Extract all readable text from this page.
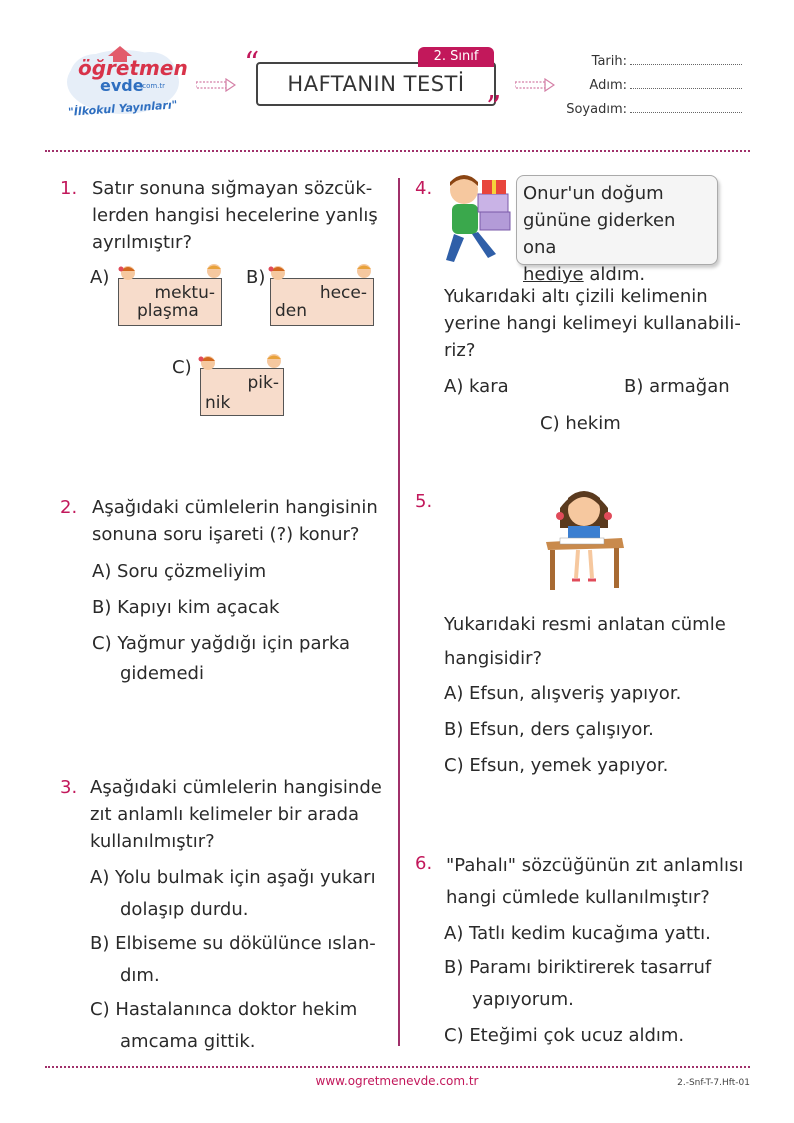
öğretmen
evde
.com.tr
"İlkokul Yayınları"
“	2. Sınıf
HAFTANIN TESTİ
”
Tarih:
Adım:
Soyadım:
1. Satır sonuna sığmayan sözcük-
lerden hangisi hecelerine yanlış
ayrılmıştır?
A)
mektu-
plaşma
B)
hece-
den
C)
pik-
nik
2. Aşağıdaki cümlelerin hangisinin
sonuna soru işareti (?) konur?
A) Soru çözmeliyim
B) Kapıyı kim açacak
C) Yağmur yağdığı için parka
gidemedi
3. Aşağıdaki cümlelerin hangisinde
zıt anlamlı kelimeler bir arada
kullanılmıştır?
A) Yolu bulmak için aşağı yukarı
dolaşıp durdu.
B) Elbiseme su dökülünce ıslan-
dım.
C) Hastalanınca doktor hekim
amcama gittik.
4.	Onur'un doğum
gününe giderken ona
hediye aldım.
Yukarıdaki altı çizili kelimenin
yerine hangi kelimeyi kullanabili-
riz?
A) kara	B) armağan
C) hekim
5.
Yukarıdaki resmi anlatan cümle
hangisidir?
A) Efsun, alışveriş yapıyor.
B) Efsun, ders çalışıyor.
C) Efsun, yemek yapıyor.
6. "Pahalı" sözcüğünün zıt anlamlısı
hangi cümlede kullanılmıştır?
A) Tatlı kedim kucağıma yattı.
B) Paramı biriktirerek tasarruf
yapıyorum.
C) Eteğimi çok ucuz aldım.
www.ogretmenevde.com.tr	2.-Snf-T-7.Hft-01
